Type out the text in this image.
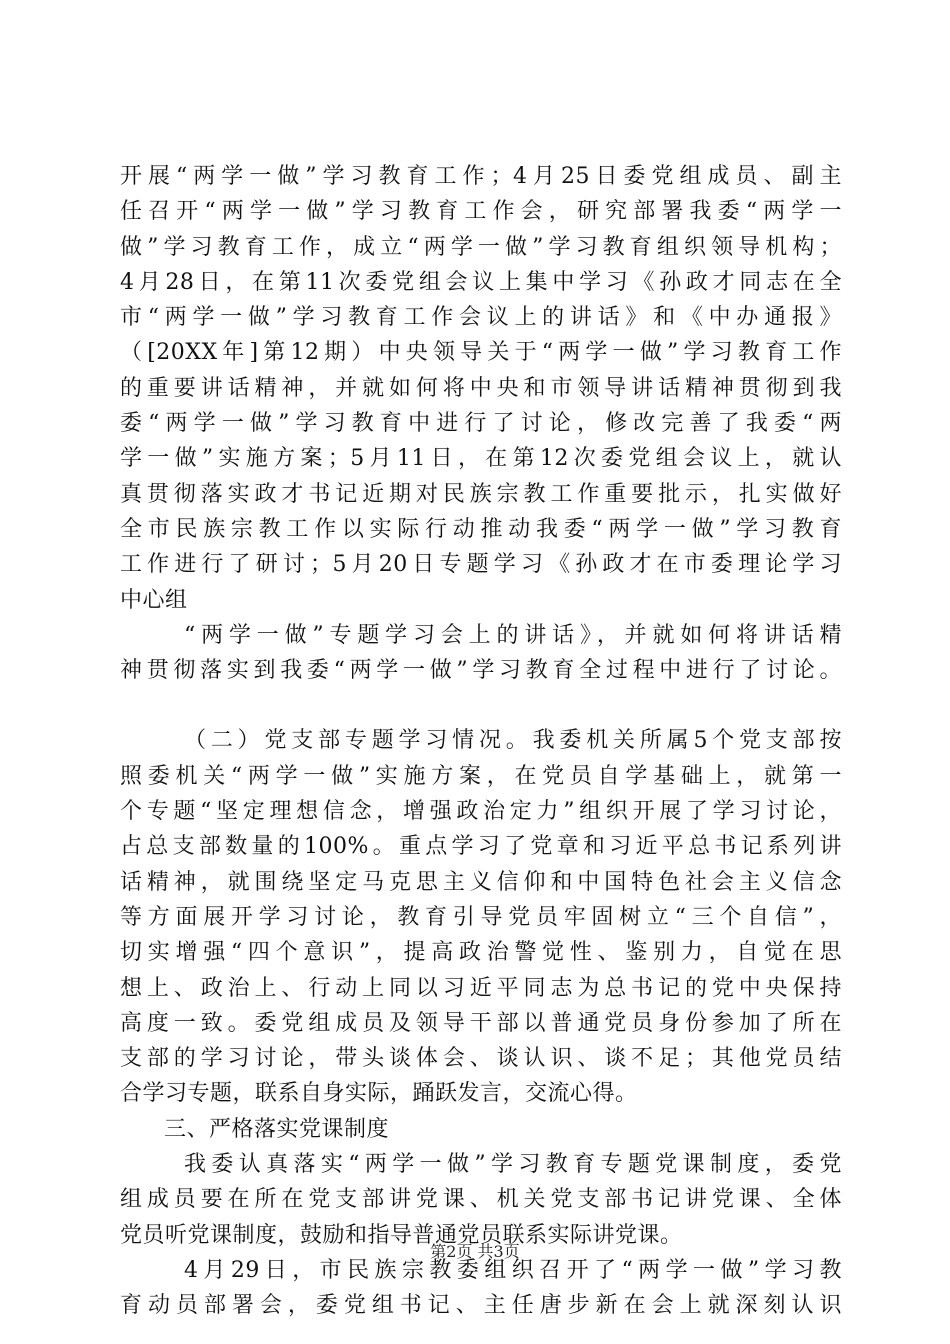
开展“两学一做”学习教育工作；4月25日委党组成员、副主
任召开“两学一做”学习教育工作会，研究部署我委“两学一
做”学习教育工作，成立“两学一做”学习教育组织领导机构；
4月28日，在第11次委党组会议上集中学习《孙政才同志在全
市“两学一做”学习教育工作会议上的讲话》和《中办通报》
（[20XX年]第12期）中央领导关于“两学一做”学习教育工作
的重要讲话精神，并就如何将中央和市领导讲话精神贯彻到我
委“两学一做”学习教育中进行了讨论，修改完善了我委“两
学一做”实施方案；5月11日，在第12次委党组会议上，就认
真贯彻落实政才书记近期对民族宗教工作重要批示，扎实做好
全市民族宗教工作以实际行动推动我委“两学一做”学习教育
工作进行了研讨；5月20日专题学习《孙政才在市委理论学习
中心组
“两学一做”专题学习会上的讲话》，并就如何将讲话精
神贯彻落实到我委“两学一做”学习教育全过程中进行了讨论。
（二）党支部专题学习情况。我委机关所属5个党支部按
照委机关“两学一做”实施方案，在党员自学基础上，就第一
个专题“坚定理想信念，增强政治定力”组织开展了学习讨论，
占总支部数量的100%。重点学习了党章和习近平总书记系列讲
话精神，就围绕坚定马克思主义信仰和中国特色社会主义信念
等方面展开学习讨论，教育引导党员牢固树立“三个自信”，
切实增强“四个意识”，提高政治警觉性、鉴别力，自觉在思
想上、政治上、行动上同以习近平同志为总书记的党中央保持
高度一致。委党组成员及领导干部以普通党员身份参加了所在
支部的学习讨论，带头谈体会、谈认识、谈不足；其他党员结
合学习专题，联系自身实际，踊跃发言，交流心得。
三、严格落实党课制度
我委认真落实“两学一做”学习教育专题党课制度，委党
组成员要在所在党支部讲党课、机关党支部书记讲党课、全体
党员听党课制度，鼓励和指导普通党员联系实际讲党课。
4月29日，市民族宗教委组织召开了“两学一做”学习教
育动员部署会，委党组书记、主任唐步新在会上就深刻认识
第2页 共3页
